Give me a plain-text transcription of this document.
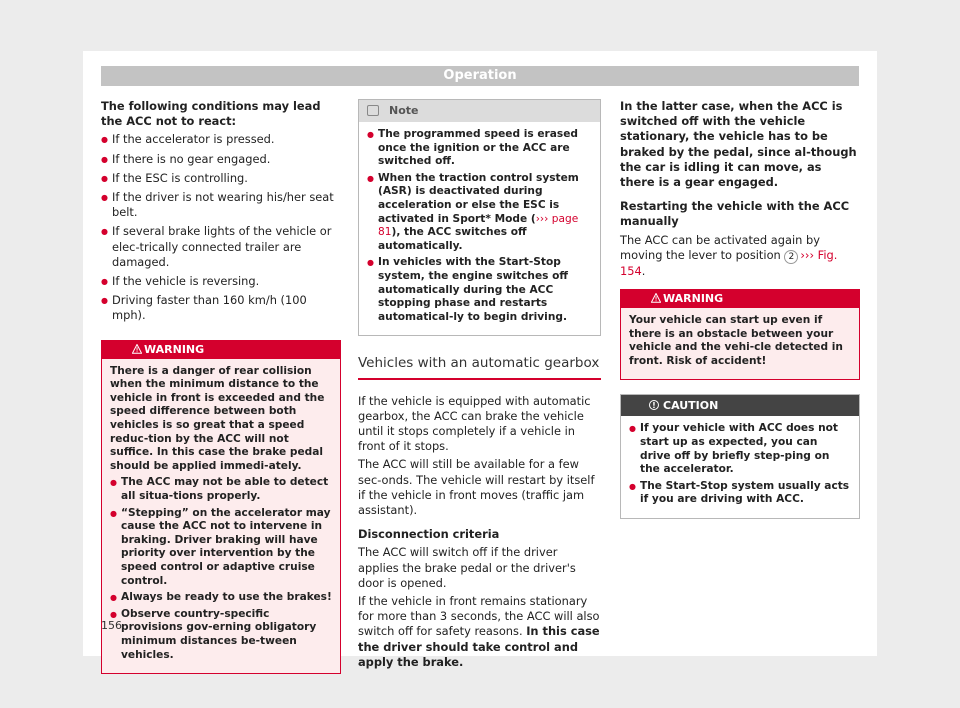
Operation

The following conditions may lead the ACC not to react:

● If the accelerator is pressed.
● If there is no gear engaged.
● If the ESC is controlling.
● If the driver is not wearing his/her seat belt.
● If several brake lights of the vehicle or elec-trically connected trailer are damaged.
● If the vehicle is reversing.
● Driving faster than 160 km/h (100 mph).
WARNING

There is a danger of rear collision when the minimum distance to the vehicle in front is exceeded and the speed difference between both vehicles is so great that a speed reduc-tion by the ACC will not suffice. In this case the brake pedal should be applied immedi-ately.

● The ACC may not be able to detect all situa-tions properly.
● “Stepping” on the accelerator may cause the ACC not to intervene in braking. Driver braking will have priority over intervention by the speed control or adaptive cruise control.
● Always be ready to use the brakes!
● Observe country-specific provisions gov-erning obligatory minimum distances be-tween vehicles.
Note
● The programmed speed is erased once the ignition or the ACC are switched off.
● When the traction control system (ASR) is deactivated during acceleration or else the ESC is activated in Sport* Mode (››› page 81), the ACC switches off automatically.
● In vehicles with the Start-Stop system, the engine switches off automatically during the ACC stopping phase and restarts automatical-ly to begin driving.
Vehicles with an automatic gearbox

If the vehicle is equipped with automatic gearbox, the ACC can brake the vehicle until it stops completely if a vehicle in front of it stops.

The ACC will still be available for a few sec-onds. The vehicle will restart by itself if the vehicle in front moves (traffic jam assistant).

Disconnection criteria

The ACC will switch off if the driver applies the brake pedal or the driver's door is opened.

If the vehicle in front remains stationary for more than 3 seconds, the ACC will also switch off for safety reasons. In this case the driver should take control and apply the brake.

In the latter case, when the ACC is switched off with the vehicle stationary, the vehicle has to be braked by the pedal, since al-though the car is idling it can move, as there is a gear engaged.

Restarting the vehicle with the ACC manually

The ACC can be activated again by moving the lever to position 2 ››› Fig. 154.

WARNING

Your vehicle can start up even if there is an obstacle between your vehicle and the vehi-cle detected in front. Risk of accident!

! CAUTION
● If your vehicle with ACC does not start up as expected, you can drive off by briefly step-ping on the accelerator.
● The Start-Stop system usually acts if you are driving with ACC.
156
